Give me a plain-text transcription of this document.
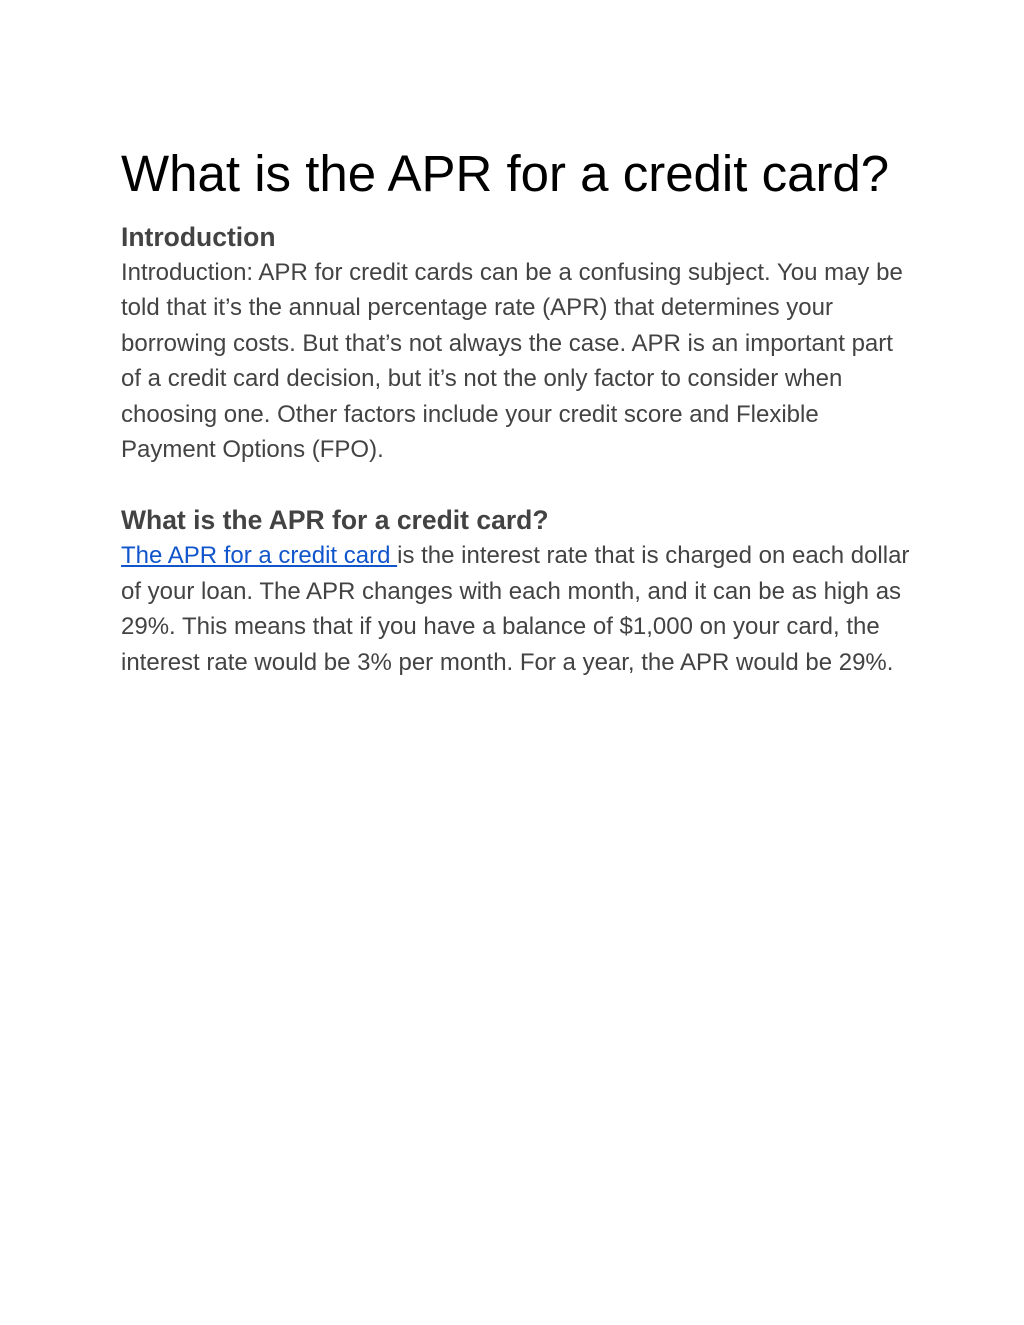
What is the APR for a credit card?
Introduction

Introduction: APR for credit cards can be a confusing subject. You may be told that it’s the annual percentage rate (APR) that determines your borrowing costs. But that’s not always the case. APR is an important part of a credit card decision, but it’s not the only factor to consider when choosing one. Other factors include your credit score and Flexible Payment Options (FPO).

What is the APR for a credit card?

The APR for a credit card is the interest rate that is charged on each dollar of your loan. The APR changes with each month, and it can be as high as 29%. This means that if you have a balance of $1,000 on your card, the interest rate would be 3% per month. For a year, the APR would be 29%.
